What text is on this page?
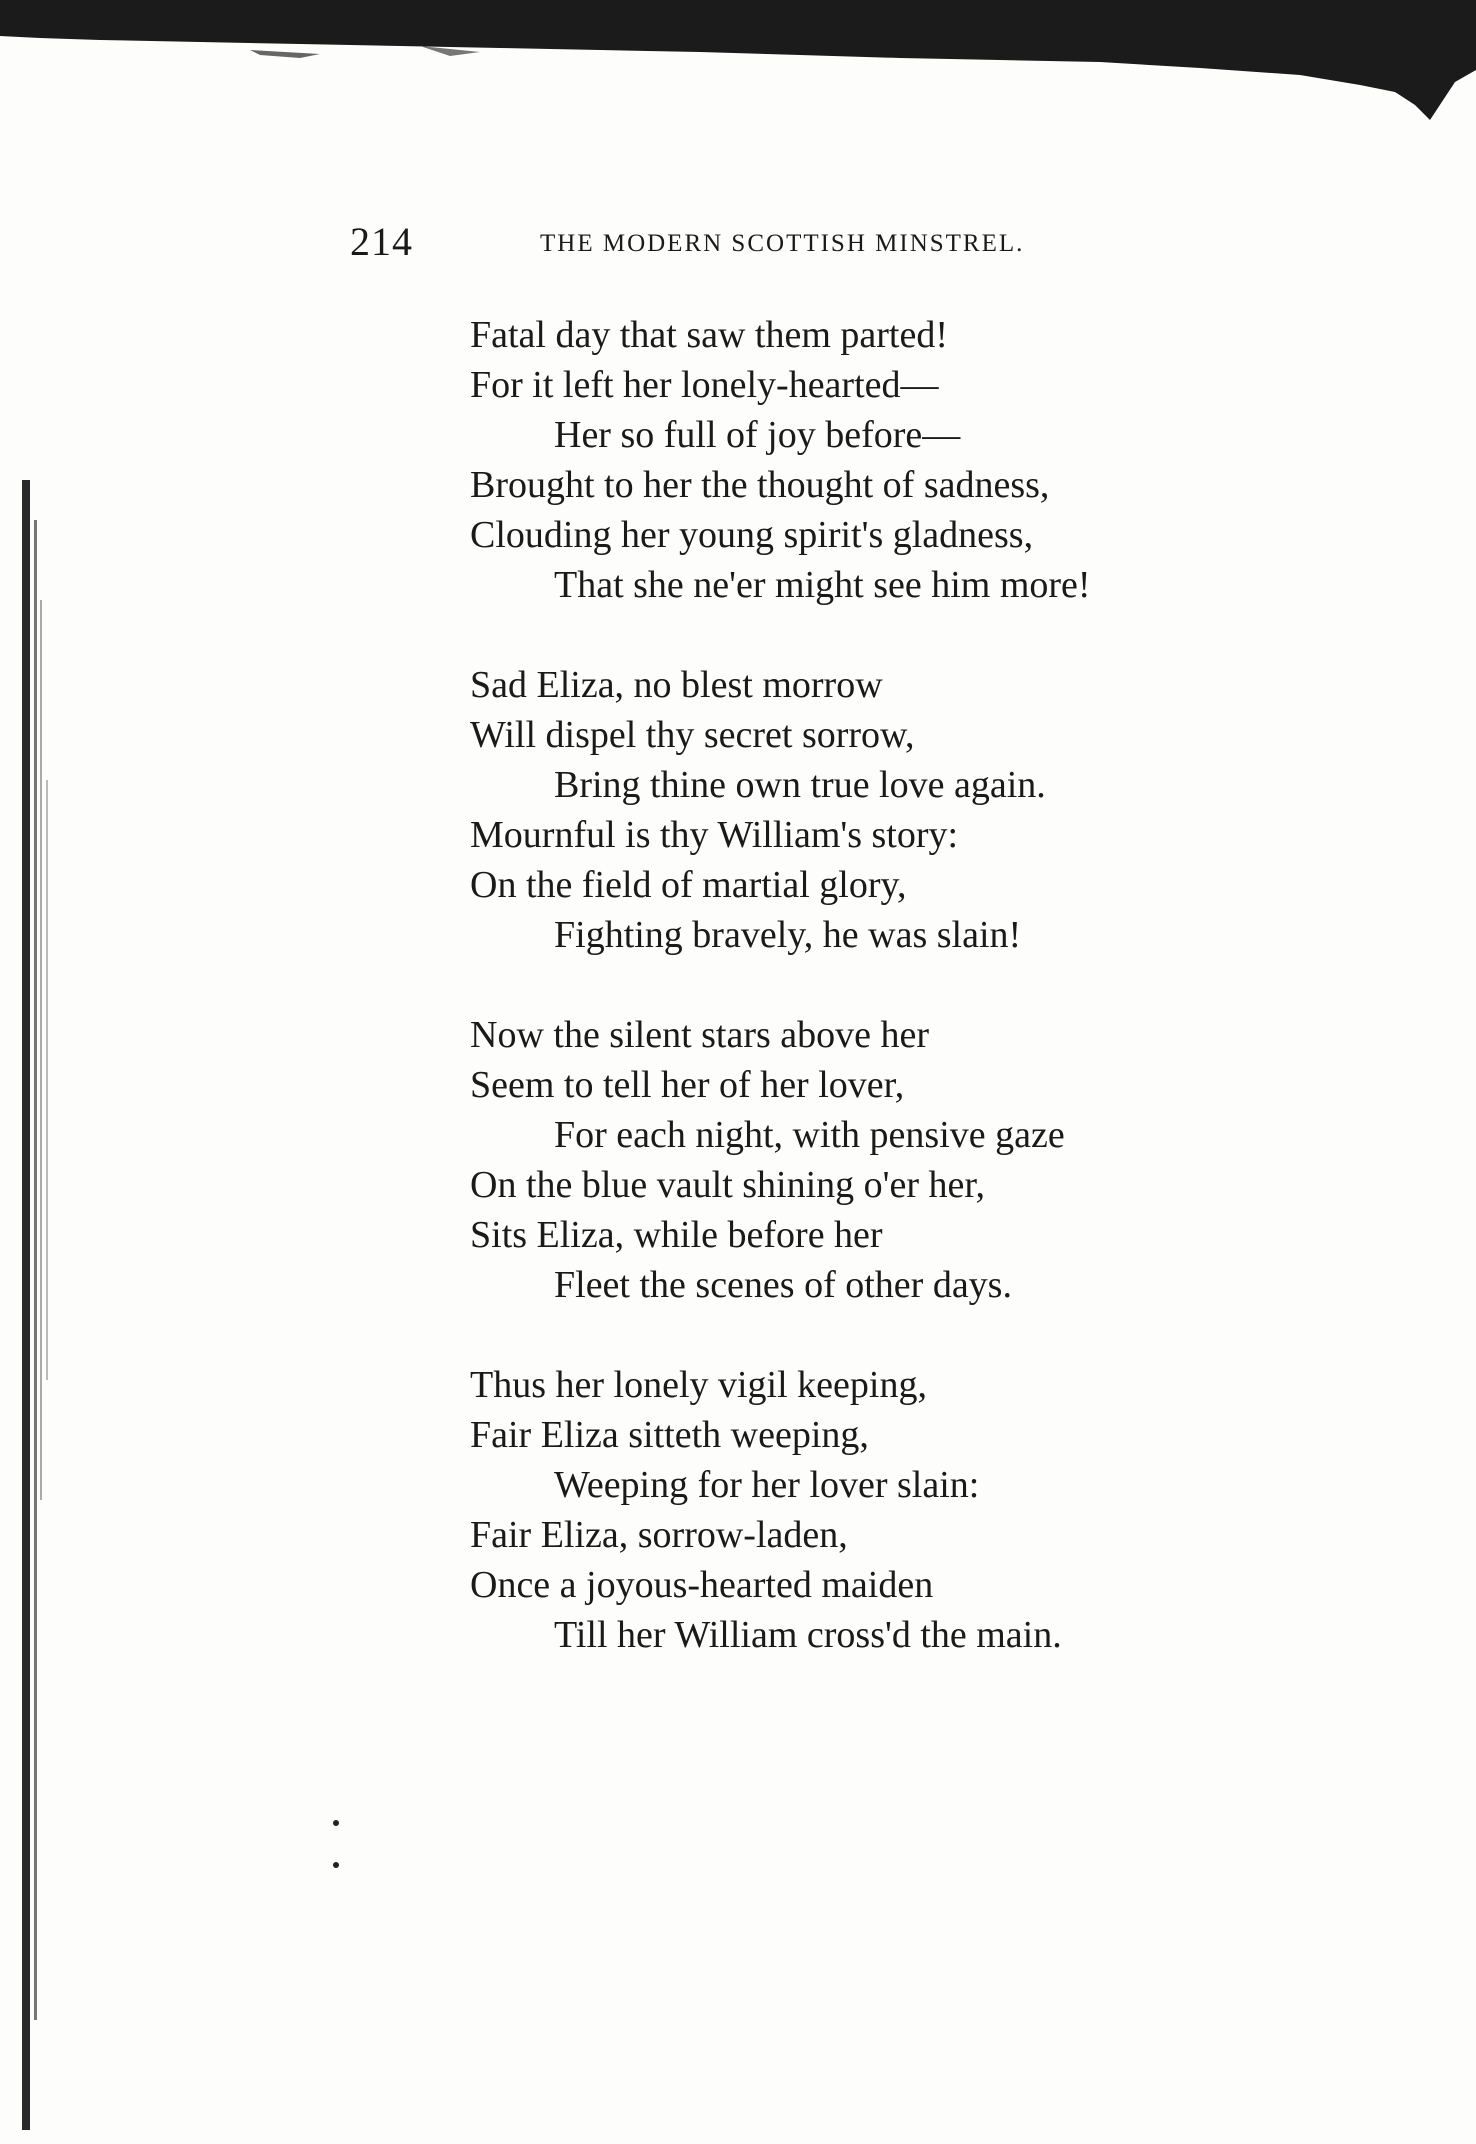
214	THE MODERN SCOTTISH MINSTREL.
Fatal day that saw them parted!
For it left her lonely-hearted—
Her so full of joy before—
Brought to her the thought of sadness,
Clouding her young spirit's gladness,
That she ne'er might see him more!
Sad Eliza, no blest morrow
Will dispel thy secret sorrow,
Bring thine own true love again.
Mournful is thy William's story:
On the field of martial glory,
Fighting bravely, he was slain!
Now the silent stars above her
Seem to tell her of her lover,
For each night, with pensive gaze
On the blue vault shining o'er her,
Sits Eliza, while before her
Fleet the scenes of other days.
Thus her lonely vigil keeping,
Fair Eliza sitteth weeping,
Weeping for her lover slain:
Fair Eliza, sorrow-laden,
Once a joyous-hearted maiden
Till her William cross'd the main.
